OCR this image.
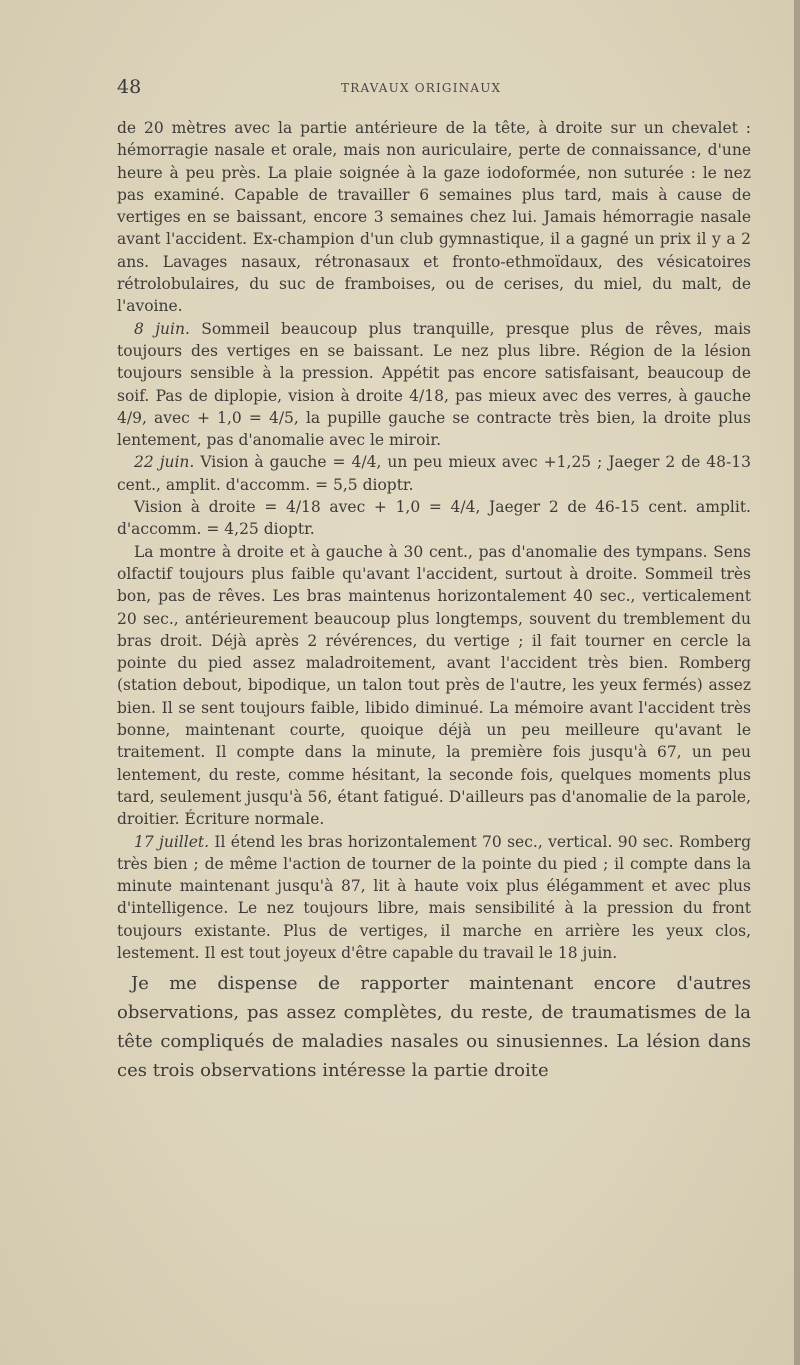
48	TRAVAUX ORIGINAUX

de 20 mètres avec la partie antérieure de la tête, à droite sur un chevalet : hémorragie nasale et orale, mais non auriculaire, perte de connaissance, d'une heure à peu près. La plaie soignée à la gaze iodoformée, non suturée : le nez pas examiné. Capable de travailler 6 semaines plus tard, mais à cause de vertiges en se baissant, encore 3 semaines chez lui. Jamais hémorragie nasale avant l'accident. Ex-champion d'un club gymnastique, il a gagné un prix il y a 2 ans. Lavages nasaux, rétronasaux et fronto-ethmoïdaux, des vésicatoires rétrolobulaires, du suc de framboises, ou de cerises, du miel, du malt, de l'avoine.

8 juin. Sommeil beaucoup plus tranquille, presque plus de rêves, mais toujours des vertiges en se baissant. Le nez plus libre. Région de la lésion toujours sensible à la pression. Appétit pas encore satisfaisant, beaucoup de soif. Pas de diplopie, vision à droite 4/18, pas mieux avec des verres, à gauche 4/9, avec + 1,0 = 4/5, la pupille gauche se contracte très bien, la droite plus lentement, pas d'anomalie avec le miroir.

22 juin. Vision à gauche = 4/4, un peu mieux avec +1,25 ; Jaeger 2 de 48-13 cent., amplit. d'accomm. = 5,5 dioptr.

Vision à droite = 4/18 avec + 1,0 = 4/4, Jaeger 2 de 46-15 cent. amplit. d'accomm. = 4,25 dioptr.

La montre à droite et à gauche à 30 cent., pas d'anomalie des tympans. Sens olfactif toujours plus faible qu'avant l'accident, surtout à droite. Sommeil très bon, pas de rêves. Les bras maintenus horizontalement 40 sec., verticalement 20 sec., antérieurement beaucoup plus longtemps, souvent du tremblement du bras droit. Déjà après 2 révérences, du vertige ; il fait tourner en cercle la pointe du pied assez maladroitement, avant l'accident très bien. Romberg (station debout, bipodique, un talon tout près de l'autre, les yeux fermés) assez bien. Il se sent toujours faible, libido diminué. La mémoire avant l'accident très bonne, maintenant courte, quoique déjà un peu meilleure qu'avant le traitement. Il compte dans la minute, la première fois jusqu'à 67, un peu lentement, du reste, comme hésitant, la seconde fois, quelques moments plus tard, seulement jusqu'à 56, étant fatigué. D'ailleurs pas d'anomalie de la parole, droitier. Écriture normale.

17 juillet. Il étend les bras horizontalement 70 sec., vertical. 90 sec. Romberg très bien ; de même l'action de tourner de la pointe du pied ; il compte dans la minute maintenant jusqu'à 87, lit à haute voix plus élégamment et avec plus d'intelligence. Le nez toujours libre, mais sensibilité à la pression du front toujours existante. Plus de vertiges, il marche en arrière les yeux clos, lestement. Il est tout joyeux d'être capable du travail le 18 juin.

Je me dispense de rapporter maintenant encore d'autres observations, pas assez complètes, du reste, de traumatismes de la tête compliqués de maladies nasales ou sinusiennes. La lésion dans ces trois observations intéresse la partie droite
